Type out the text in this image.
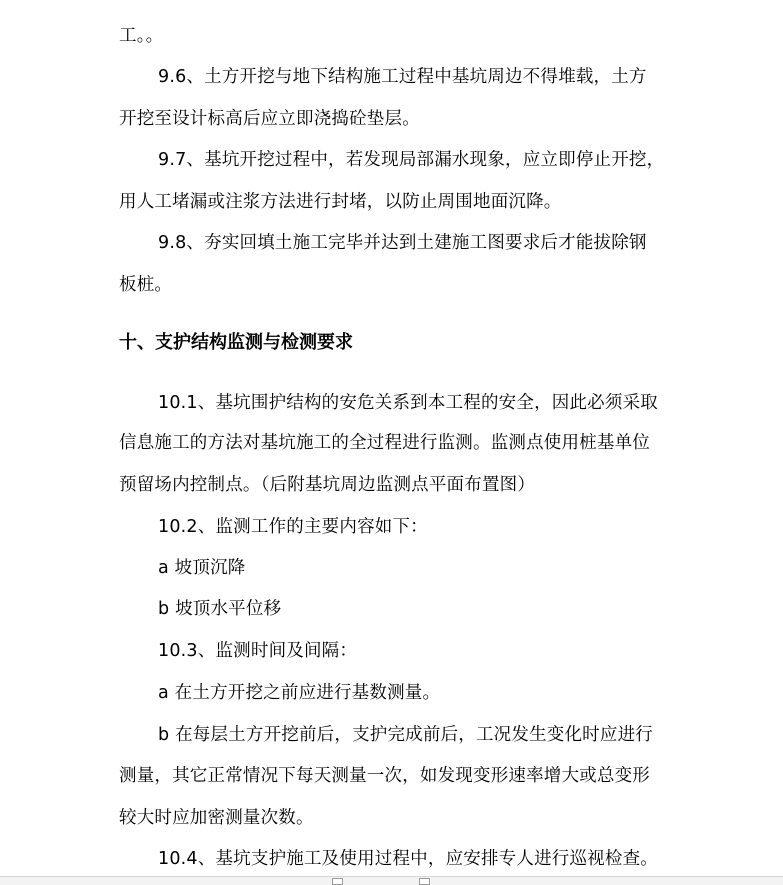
工。。
9.6、土方开挖与地下结构施工过程中基坑周边不得堆载，土方
开挖至设计标高后应立即浇捣砼垫层。
9.7、基坑开挖过程中，若发现局部漏水现象，应立即停止开挖，
用人工堵漏或注浆方法进行封堵，以防止周围地面沉降。
9.8、夯实回填土施工完毕并达到土建施工图要求后才能拔除钢
板桩。
十、支护结构监测与检测要求
10.1、基坑围护结构的安危关系到本工程的安全，因此必须采取
信息施工的方法对基坑施工的全过程进行监测。监测点使用桩基单位
预留场内控制点。（后附基坑周边监测点平面布置图）
10.2、监测工作的主要内容如下：
a 坡顶沉降
b 坡顶水平位移
10.3、监测时间及间隔：
a 在土方开挖之前应进行基数测量。
b 在每层土方开挖前后，支护完成前后，工况发生变化时应进行
测量，其它正常情况下每天测量一次，如发现变形速率增大或总变形
较大时应加密测量次数。
10.4、基坑支护施工及使用过程中，应安排专人进行巡视检查。
